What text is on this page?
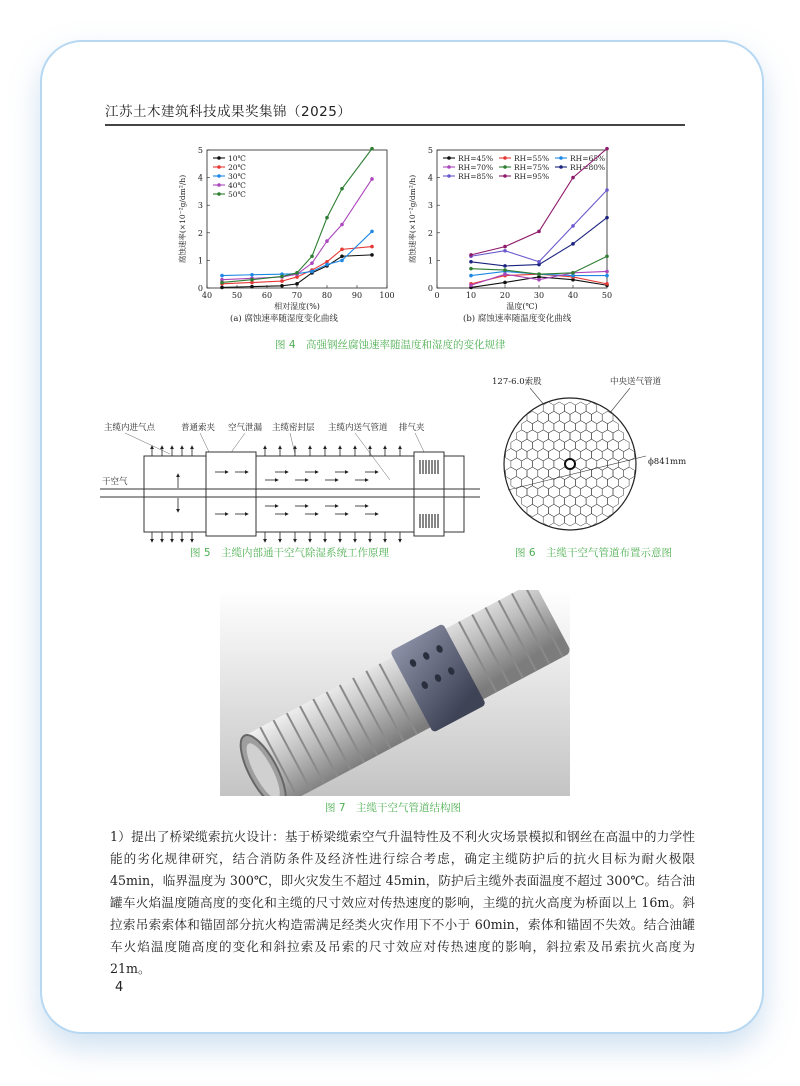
江苏土木建筑科技成果奖集锦（2025）
40 50 60 70 80 90 100
0
1
2
3
4
5
相对湿度(%)
腐蚀速率(×10⁻²g/dm²/h)
10℃
20℃
30℃
40℃
50℃
(a) 腐蚀速率随湿度变化曲线
0	10	20	30	40	50
0
1
2
3
4
5
温度(℃)
腐蚀速率(×10⁻²g/dm²/h)
RH=45%	RH=55%	RH=65%
RH=70%	RH=75%	RH=80%
RH=85%	RH=95%
(b) 腐蚀速率随温度变化曲线
图 4　高强钢丝腐蚀速率随温度和湿度的变化规律
主缆内进气点	普通索夹 空气泄漏 主缆密封层 主缆内送气管道 排气夹
干空气
图 5　主缆内部通干空气除湿系统工作原理
127-6.0索股	中央送气管道
ϕ841mm
图 6　主缆干空气管道布置示意图
图 7　主缆干空气管道结构图
1）提出了桥梁缆索抗火设计：基于桥梁缆索空气升温特性及不利火灾场景模拟和钢丝在高温中的力学性能的劣化规律研究，结合消防条件及经济性进行综合考虑，确定主缆防护后的抗火目标为耐火极限 45min，临界温度为 300℃，即火灾发生不超过 45min，防护后主缆外表面温度不超过 300℃。结合油罐车火焰温度随高度的变化和主缆的尺寸效应对传热速度的影响，主缆的抗火高度为桥面以上 16m。斜拉索吊索索体和锚固部分抗火构造需满足经类火灾作用下不小于 60min，索体和锚固不失效。结合油罐车火焰温度随高度的变化和斜拉索及吊索的尺寸效应对传热速度的影响，斜拉索及吊索抗火高度为 21m。
4
